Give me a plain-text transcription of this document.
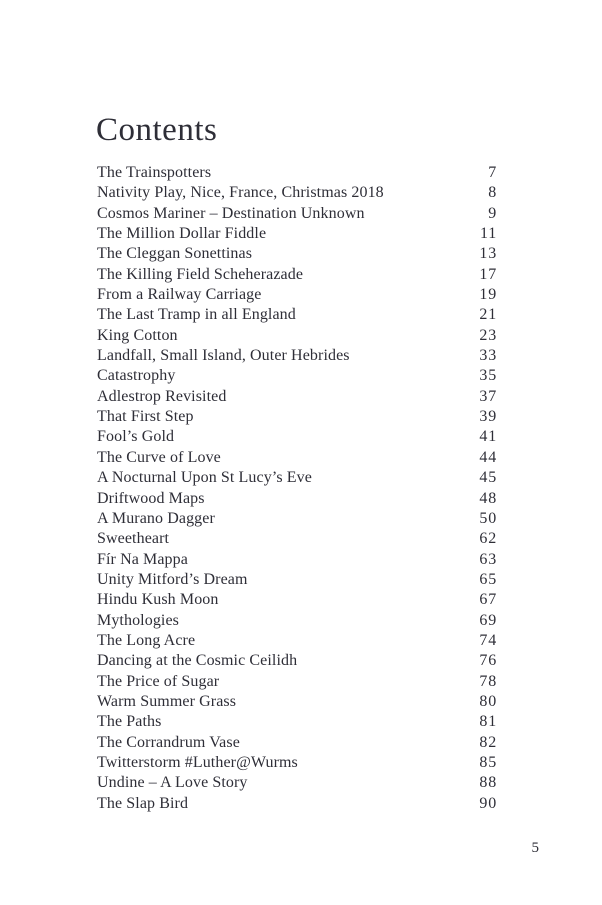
Contents
The Trainspotters	7
Nativity Play, Nice, France, Christmas 2018	8
Cosmos Mariner – Destination Unknown	9
The Million Dollar Fiddle	11
The Cleggan Sonettinas	13
The Killing Field Scheherazade	17
From a Railway Carriage	19
The Last Tramp in all England	21
King Cotton	23
Landfall, Small Island, Outer Hebrides	33
Catastrophy	35
Adlestrop Revisited	37
That First Step	39
Fool’s Gold	41
The Curve of Love	44
A Nocturnal Upon St Lucy’s Eve	45
Driftwood Maps	48
A Murano Dagger	50
Sweetheart	62
Fír Na Mappa	63
Unity Mitford’s Dream	65
Hindu Kush Moon	67
Mythologies	69
The Long Acre	74
Dancing at the Cosmic Ceilidh	76
The Price of Sugar	78
Warm Summer Grass	80
The Paths	81
The Corrandrum Vase	82
Twitterstorm #Luther@Wurms	85
Undine – A Love Story	88
The Slap Bird	90
5
